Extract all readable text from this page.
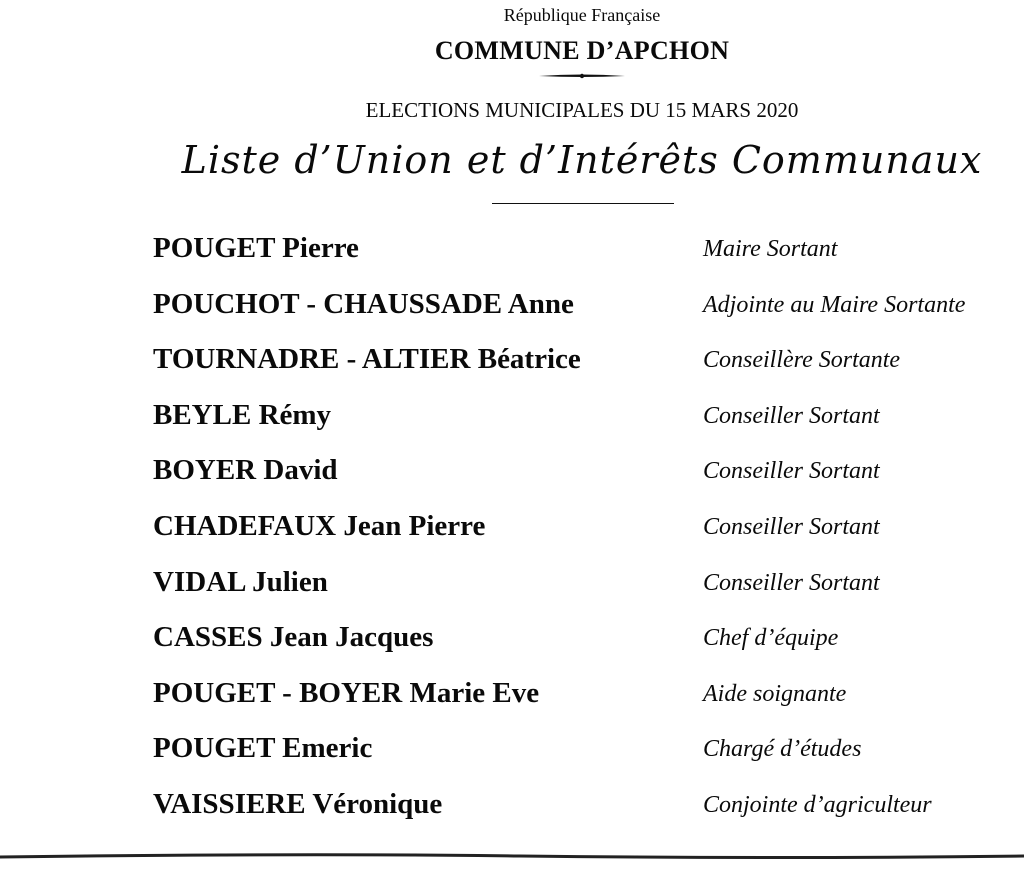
République Française
COMMUNE D’APCHON
ELECTIONS MUNICIPALES DU 15 MARS 2020
Liste d’Union et d’Intérêts Communaux
POUGET Pierre	Maire Sortant
POUCHOT - CHAUSSADE Anne	Adjointe au Maire Sortante
TOURNADRE - ALTIER Béatrice	Conseillère Sortante
BEYLE Rémy	Conseiller Sortant
BOYER David	Conseiller Sortant
CHADEFAUX Jean Pierre	Conseiller Sortant
VIDAL Julien	Conseiller Sortant
CASSES Jean Jacques	Chef d’équipe
POUGET - BOYER Marie Eve	Aide soignante
POUGET Emeric	Chargé d’études
VAISSIERE Véronique	Conjointe d’agriculteur
